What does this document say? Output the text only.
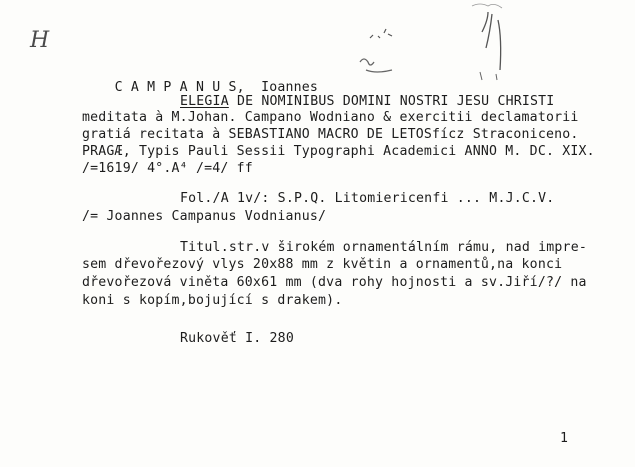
H

C A M P A N U S, Ioannes

ELEGIA DE NOMINIBUS DOMINI NOSTRI JESU CHRISTI
meditata à M.Johan. Campano Wodniano & exercitii declamatorii
gratiá recitata à SEBASTIANO MACRO DE LETOSfícz Straconiceno.
PRAGÆ, Typis Pauli Sessii Typographi Academici ANNO M. DC. XIX.
/=1619/ 4°.A⁴ /=4/ ff
Fol./A 1v/: S.P.Q. Litomiericenfi ... M.J.C.V.
/= Joannes Campanus Vodnianus/
Titul.str.v širokém ornamentálním rámu, nad impre-
sem dřevořezový vlys 20x88 mm z květin a ornamentů,na konci
dřevořezová viněta 60x61 mm (dva rohy hojnosti a sv.Jiří/?/ na
koni s kopím,bojující s drakem).
Rukověť I. 280
1
